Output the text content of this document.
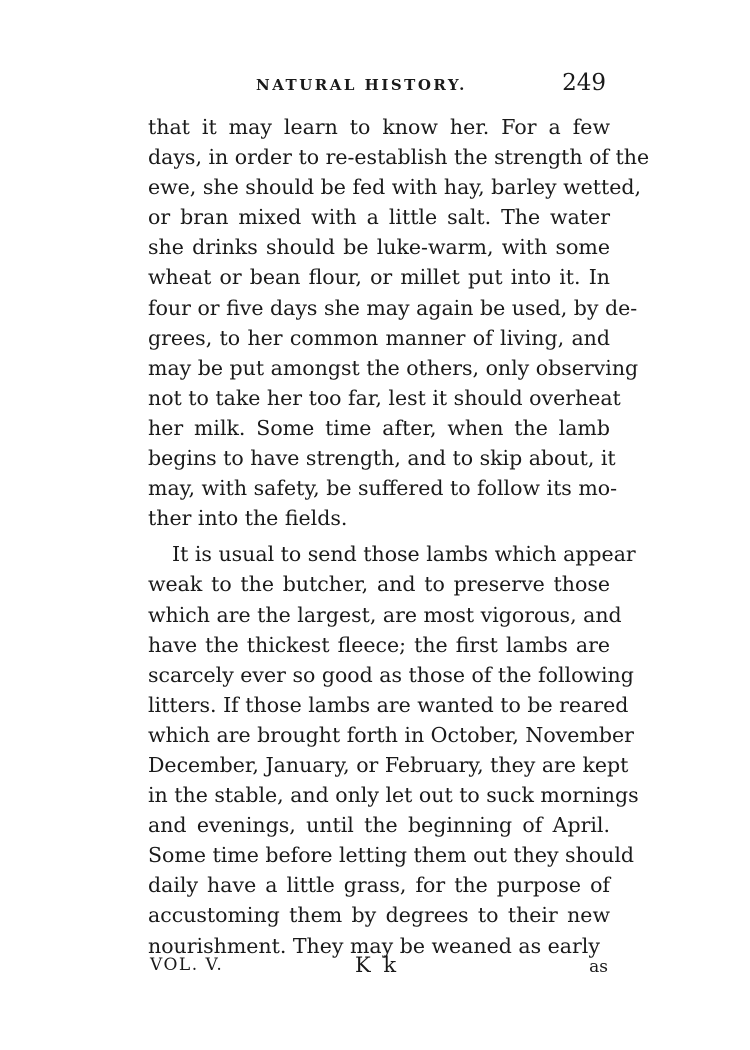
NATURAL HISTORY.	249
that it may learn to know her. For a few
days, in order to re-establish the strength of the
ewe, she should be fed with hay, barley wetted,
or bran mixed with a little salt. The water
she drinks should be luke-warm, with some
wheat or bean flour, or millet put into it. In
four or five days she may again be used, by de-
grees, to her common manner of living, and
may be put amongst the others, only observing
not to take her too far, lest it should overheat
her milk. Some time after, when the lamb
begins to have strength, and to skip about, it
may, with safety, be suffered to follow its mo-
ther into the fields.
It is usual to send those lambs which appear
weak to the butcher, and to preserve those
which are the largest, are most vigorous, and
have the thickest fleece; the first lambs are
scarcely ever so good as those of the following
litters. If those lambs are wanted to be reared
which are brought forth in October, November
December, January, or February, they are kept
in the stable, and only let out to suck mornings
and evenings, until the beginning of April.
Some time before letting them out they should
daily have a little grass, for the purpose of
accustoming them by degrees to their new
nourishment. They may be weaned as early
VOL. V.	K k	as
